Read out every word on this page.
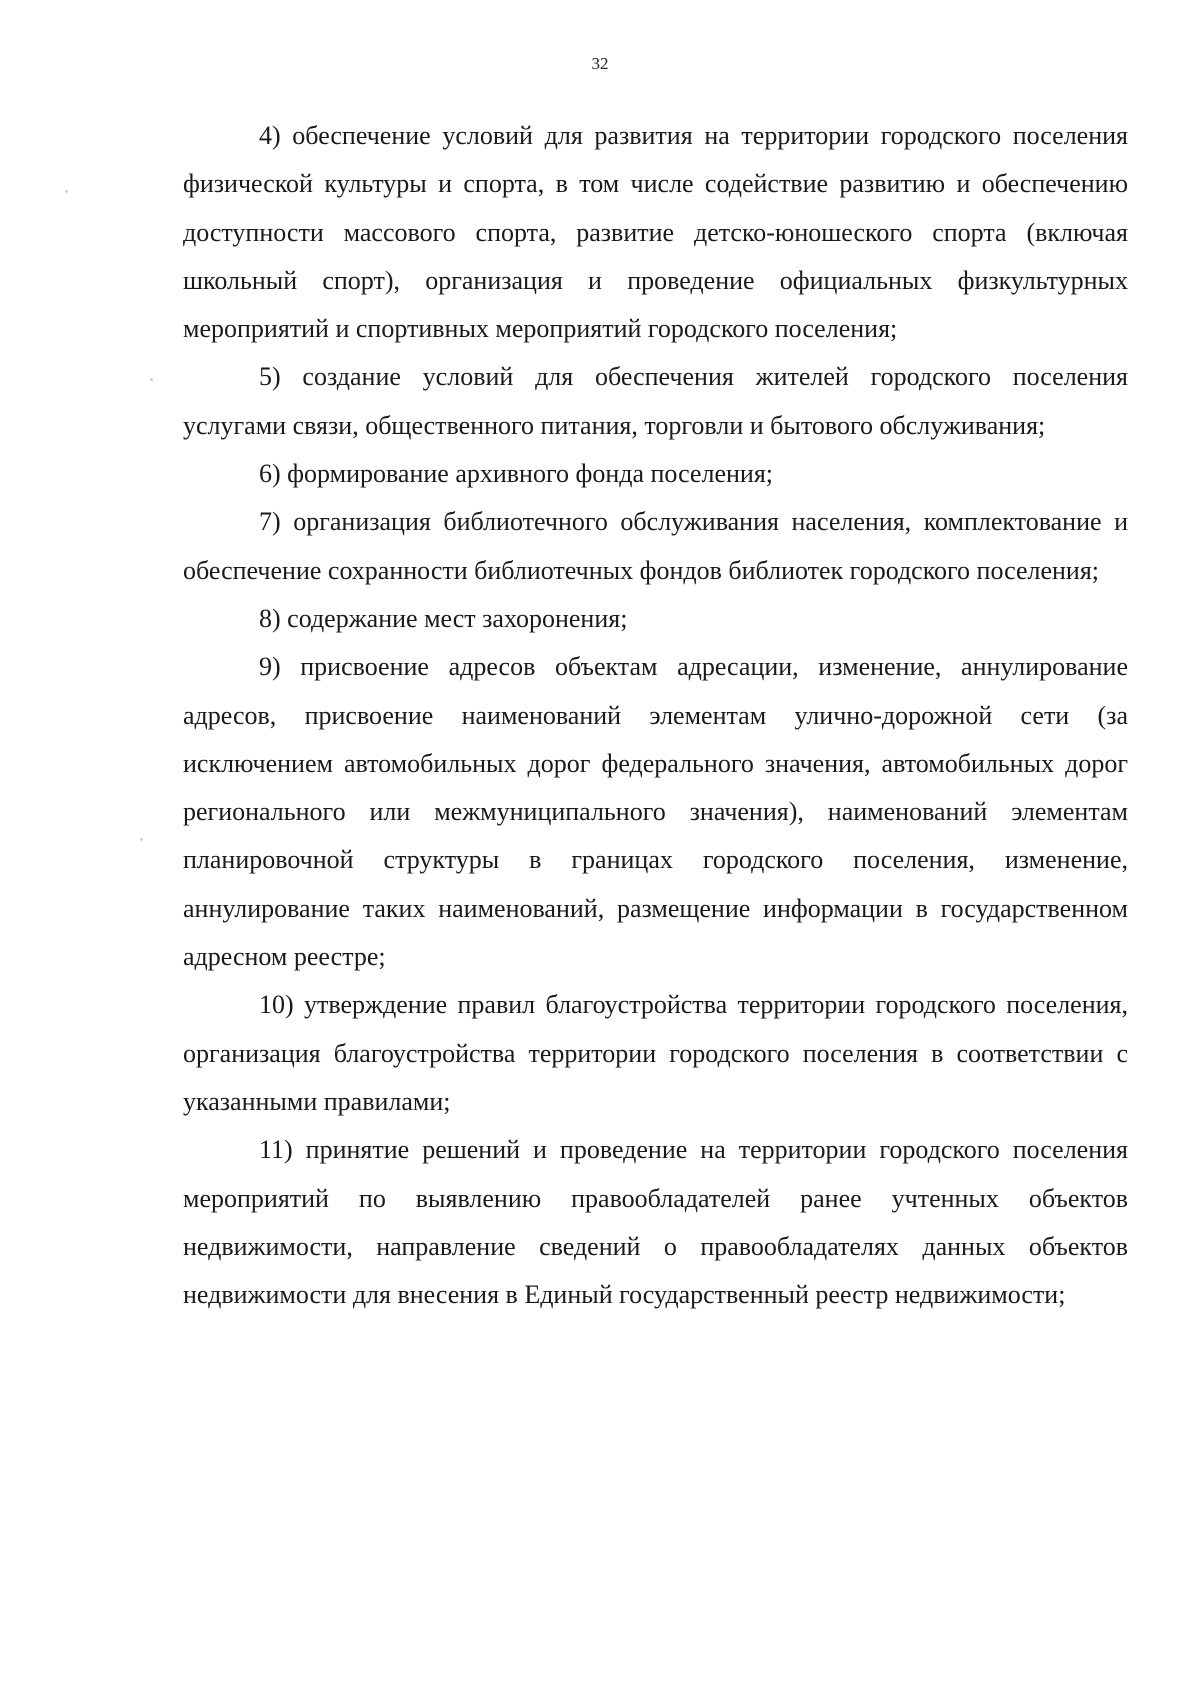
32

4) обеспечение условий для развития на территории городского поселения физической культуры и спорта, в том числе содействие развитию и обеспечению доступности массового спорта, развитие детско-юношеского спорта (включая школьный спорт), организация и проведение официальных физкультурных мероприятий и спортивных мероприятий городского поселения;

5) создание условий для обеспечения жителей городского поселения услугами связи, общественного питания, торговли и бытового обслуживания;

6) формирование архивного фонда поселения;

7) организация библиотечного обслуживания населения, комплектование и обеспечение сохранности библиотечных фондов библиотек городского поселения;

8) содержание мест захоронения;

9) присвоение адресов объектам адресации, изменение, аннулирование адресов, присвоение наименований элементам улично-дорожной сети (за исключением автомобильных дорог федерального значения, автомобильных дорог регионального или межмуниципального значения), наименований элементам планировочной структуры в границах городского поселения, изменение, аннулирование таких наименований, размещение информации в государственном адресном реестре;

10) утверждение правил благоустройства территории городского поселения, организация благоустройства территории городского поселения в соответствии с указанными правилами;

11) принятие решений и проведение на территории городского поселения мероприятий по выявлению правообладателей ранее учтенных объектов недвижимости, направление сведений о правообладателях данных объектов недвижимости для внесения в Единый государственный реестр недвижимости;
